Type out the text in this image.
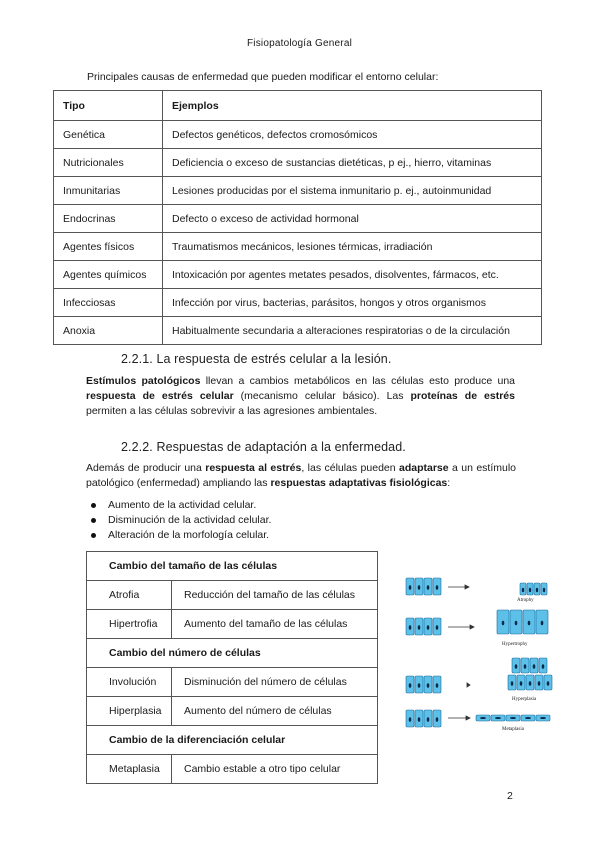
Fisiopatología General
Principales causas de enfermedad que pueden modificar el entorno celular:
Tipo	Ejemplos
Genética	Defectos genéticos, defectos cromosómicos
Nutricionales	Deficiencia o exceso de sustancias dietéticas, p ej., hierro, vitaminas
Inmunitarias	Lesiones producidas por el sistema inmunitario p. ej., autoinmunidad
Endocrinas	Defecto o exceso de actividad hormonal
Agentes físicos	Traumatismos mecánicos, lesiones térmicas, irradiación
Agentes químicos	Intoxicación por agentes metates pesados, disolventes, fármacos, etc.
Infecciosas	Infección por virus, bacterias, parásitos, hongos y otros organismos
Anoxia	Habitualmente secundaria a alteraciones respiratorias o de la circulación
2.2.1. La respuesta de estrés celular a la lesión.
Estímulos patológicos llevan a cambios metabólicos en las células esto produce una respuesta de estrés celular (mecanismo celular básico). Las proteínas de estrés permiten a las células sobrevivir a las agresiones ambientales.
2.2.2. Respuestas de adaptación a la enfermedad.
Además de producir una respuesta al estrés, las células pueden adaptarse a un estímulo patológico (enfermedad) ampliando las respuestas adaptativas fisiológicas:
Aumento de la actividad celular.
Disminución de la actividad celular.
Alteración de la morfología celular.
Cambio del tamaño de las células	
Atrofia	Reducción del tamaño de las células
Hipertrofia	Aumento del tamaño de las células
Cambio del número de células	
Involución	Disminución del número de células
Hiperplasia	Aumento del número de células
Cambio de la diferenciación celular	
Metaplasia	Cambio estable a otro tipo celular
Atrophy
Hypertrophy
Hyperplasia
Metaplasia
2
